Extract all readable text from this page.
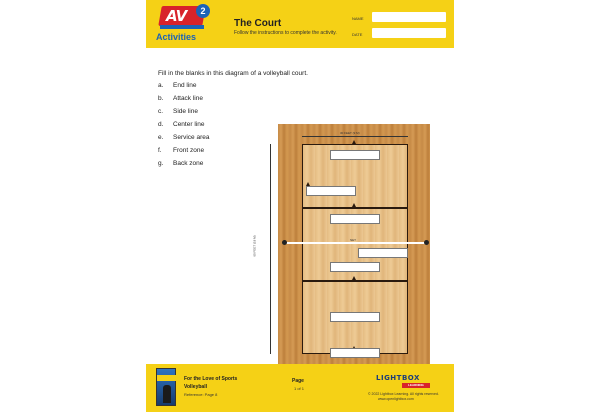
AV	2
Activities
The Court
Follow the instructions to complete the activity.
NAME
DATE

Fill in the blanks in this diagram of a volleyball court.

a.	End line
b.	Attack line
c.	Side line
d.	Center line
e.	Service area
f.	Front zone
g.	Back zone
30 FEET (9 M)
60 FEET (18 M)	NET
For the Love of Sports
Volleyball
Reference: Page 8
Page
1 of 1
LIGHTBOX
LEARNING
© 2022 Lightbox Learning. All rights reserved.
www.openlightbox.com
